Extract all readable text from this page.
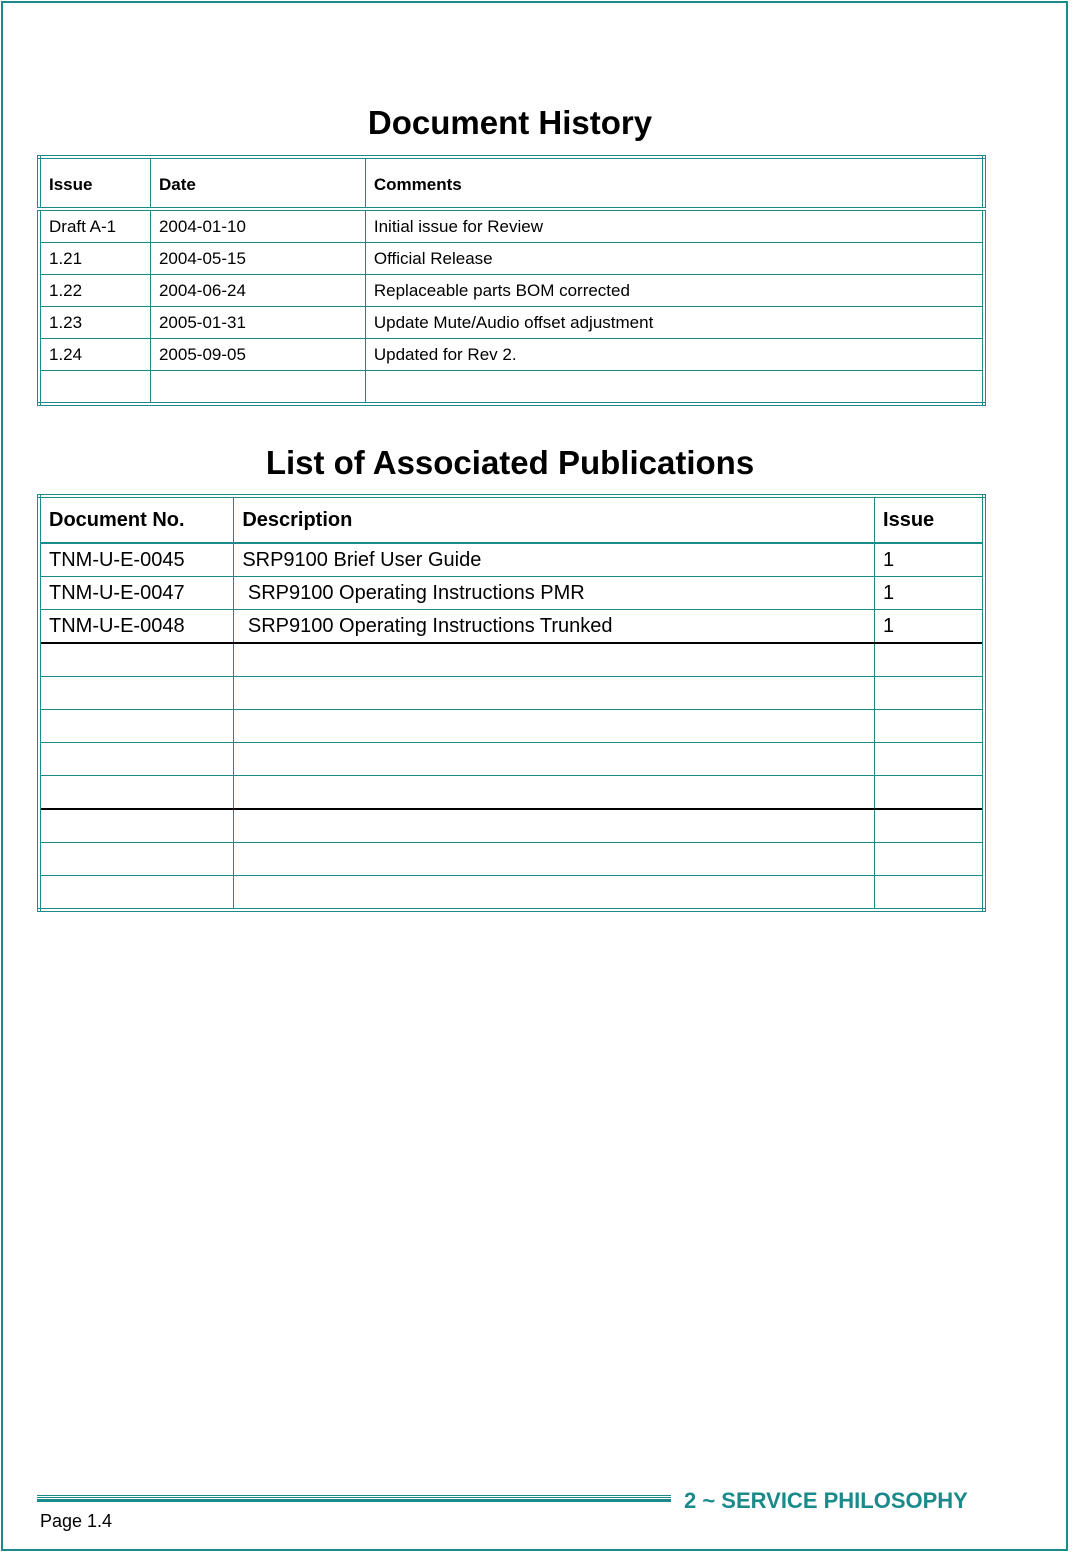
Document History
Issue	Date	Comments
Draft A-1	2004-01-10	Initial issue for Review
1.21	2004-05-15	Official Release
1.22	2004-06-24	Replaceable parts BOM corrected
1.23	2005-01-31	Update Mute/Audio offset adjustment
1.24	2005-09-05	Updated for Rev 2.

List of Associated Publications
Document No.	Description	Issue
TNM-U-E-0045	SRP9100 Brief User Guide	1
TNM-U-E-0047	SRP9100 Operating Instructions PMR	1
TNM-U-E-0048	SRP9100 Operating Instructions Trunked	1

2 ~ SERVICE PHILOSOPHY
Page 1.4
